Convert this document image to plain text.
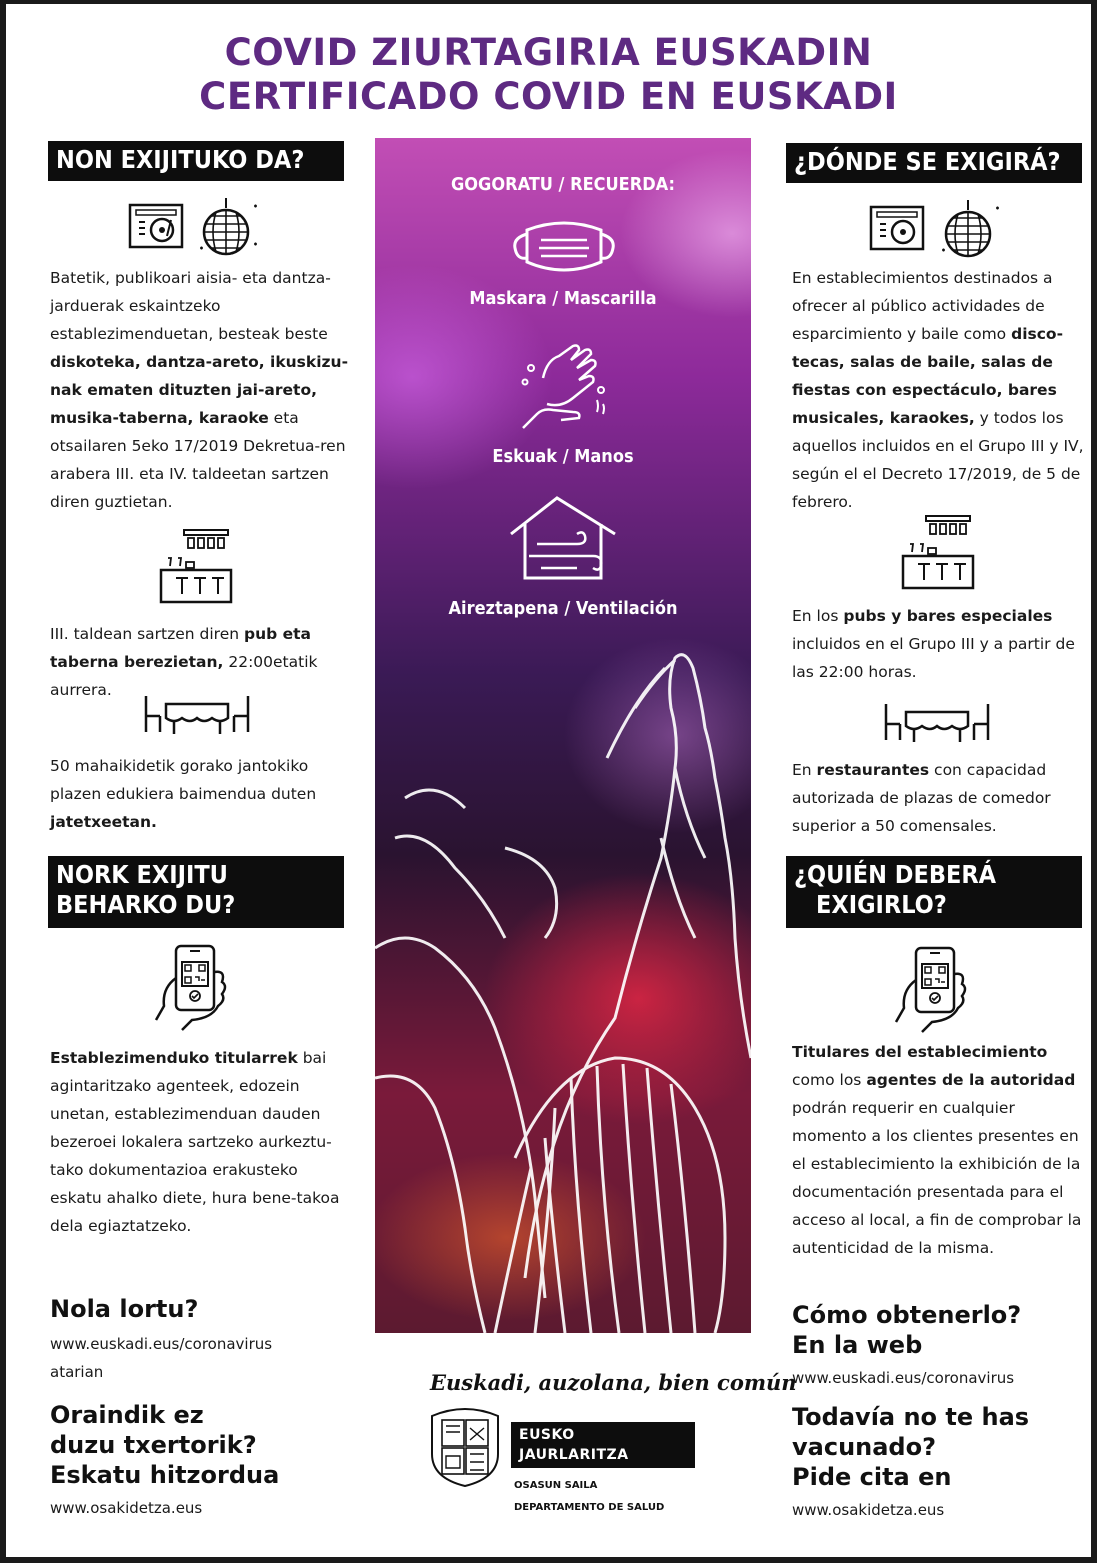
COVID ZIURTAGIRIA EUSKADIN
CERTIFICADO COVID EN EUSKADI
NON EXIJITUKO DA?
Batetik, publikoari aisia- eta dantza-jarduerak eskaintzeko establezimenduetan, besteak beste diskoteka, dantza-areto, ikuskizu-nak ematen dituzten jai-areto, musika-taberna, karaoke eta otsailaren 5eko 17/2019 Dekretua-ren arabera III. eta IV. taldeetan sartzen diren guztietan.
III. taldean sartzen diren pub eta taberna berezietan, 22:00etatik aurrera.
50 mahaikidetik gorako jantokiko plazen edukiera baimendua duten jatetxeetan.
NORK EXIJITU
BEHARKO DU?
Establezimenduko titularrek bai agintaritzako agenteek, edozein unetan, establezimenduan dauden bezeroei lokalera sartzeko aurkeztu-tako dokumentazioa erakusteko eskatu ahalko diete, hura bene-takoa dela egiaztatzeko.
Nola lortu?
www.euskadi.eus/coronavirus
atarian
Oraindik ez
duzu txertorik?
Eskatu hitzordua
www.osakidetza.eus
GOGORATU / RECUERDA:
Maskara / Mascarilla
Eskuak / Manos
Aireztapena / Ventilación
¿DÓNDE SE EXIGIRÁ?
En establecimientos destinados a ofrecer al público actividades de esparcimiento y baile como disco-tecas, salas de baile, salas de fiestas con espectáculo, bares musicales, karaokes, y todos los aquellos incluidos en el Grupo III y IV, según el el Decreto 17/2019, de 5 de febrero.
En los pubs y bares especiales incluidos en el Grupo III y a partir de las 22:00 horas.
En restaurantes con capacidad autorizada de plazas de comedor superior a 50 comensales.
¿QUIÉN DEBERÁ
EXIGIRLO?
Titulares del establecimiento como los agentes de la autoridad podrán requerir en cualquier momento a los clientes presentes en el establecimiento la exhibición de la documentación presentada para el acceso al local, a fin de comprobar la autenticidad de la misma.
Cómo obtenerlo?
En la web
www.euskadi.eus/coronavirus
Todavía no te has
vacunado?
Pide cita en
www.osakidetza.eus
Euskadi, auzolana, bien común
EUSKO JAURLARITZA
GOBIERNO VASCO
OSASUN SAILA
DEPARTAMENTO DE SALUD
